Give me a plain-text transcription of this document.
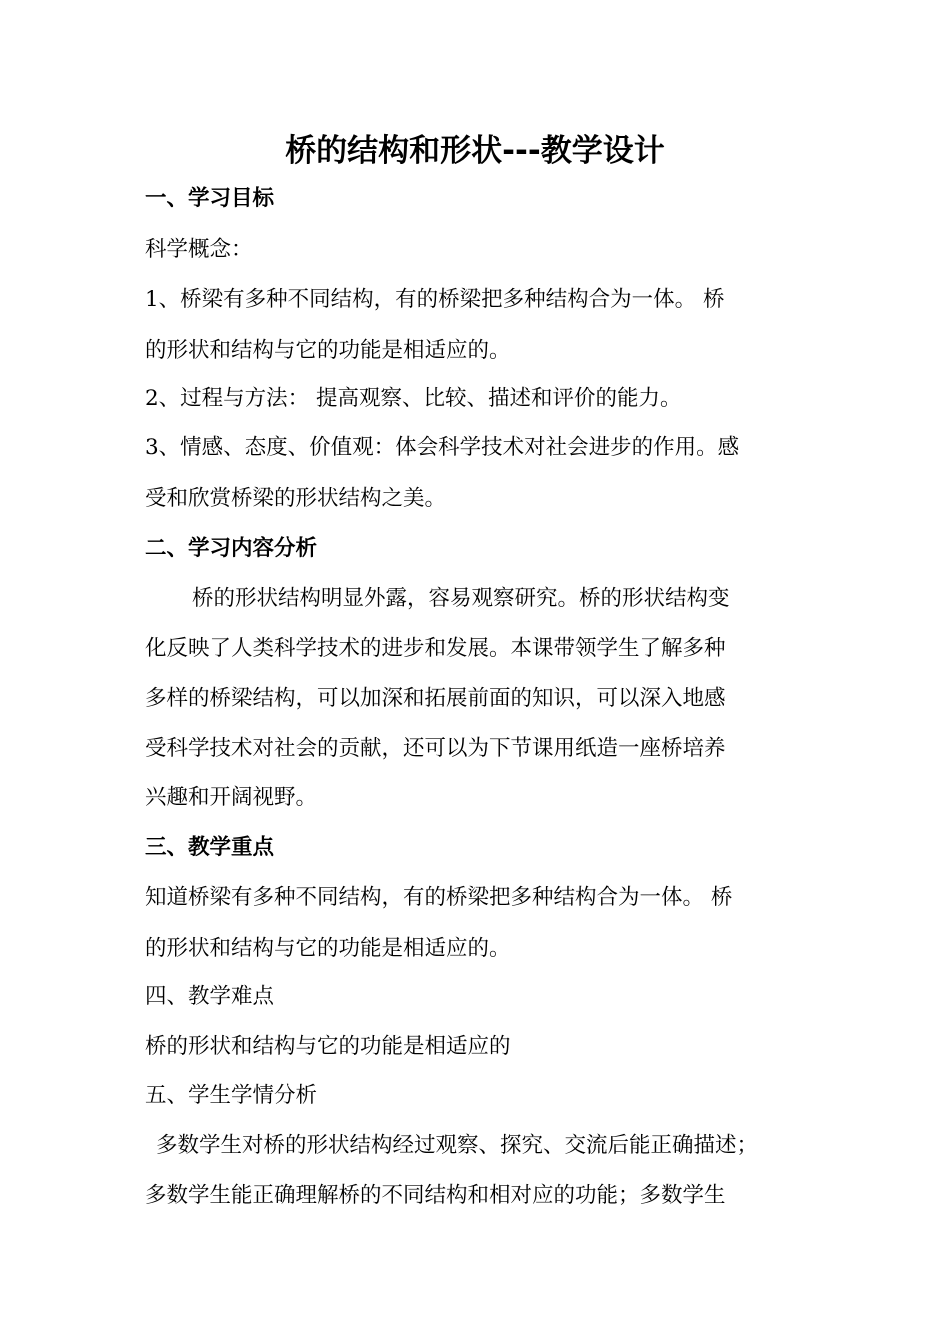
桥的结构和形状---教学设计
一、学习目标
科学概念：
1、桥梁有多种不同结构，有的桥梁把多种结构合为一体。 桥
的形状和结构与它的功能是相适应的。
2、过程与方法： 提高观察、比较、描述和评价的能力。
3、情感、态度、价值观：体会科学技术对社会进步的作用。感
受和欣赏桥梁的形状结构之美。
二、学习内容分析
桥的形状结构明显外露，容易观察研究。桥的形状结构变
化反映了人类科学技术的进步和发展。本课带领学生了解多种
多样的桥梁结构，可以加深和拓展前面的知识，可以深入地感
受科学技术对社会的贡献，还可以为下节课用纸造一座桥培养
兴趣和开阔视野。
三、教学重点
知道桥梁有多种不同结构，有的桥梁把多种结构合为一体。 桥
的形状和结构与它的功能是相适应的。
四、教学难点
桥的形状和结构与它的功能是相适应的
五、学生学情分析
多数学生对桥的形状结构经过观察、探究、交流后能正确描述；
多数学生能正确理解桥的不同结构和相对应的功能；多数学生
